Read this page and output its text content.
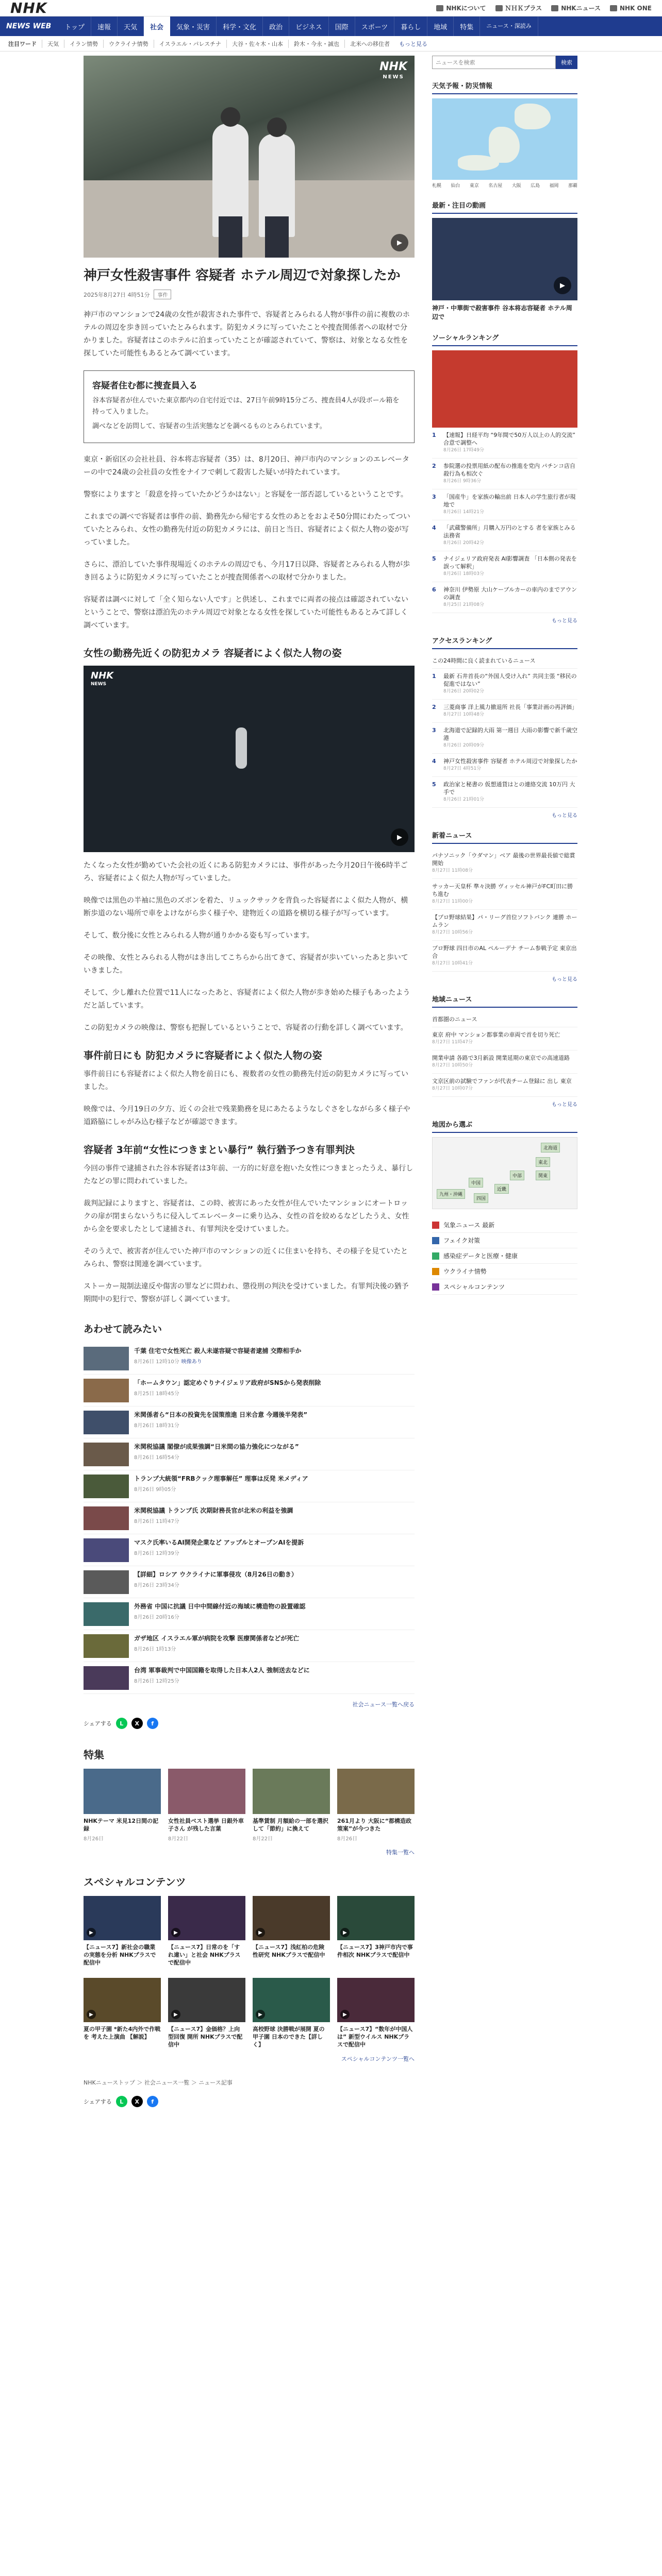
NHK	NHKについて	ＮＨＫプラス	NHKニュース	NHK ONE
NEWS WEB	トップ	速報	天気	社会	気象・災害	科学・文化	政治	ビジネス	国際	スポーツ	暮らし	地域	特集	ニュース・深読み
注目ワード	天気	イラン情勢	ウクライナ情勢	イスラエル・パレスチナ	大谷・佐々木・山本	鈴木・今永・誠也	北米への移住者	もっと見る
NHK
NEWS
▶
神戸女性殺害事件 容疑者 ホテル周辺で対象探したか
2025年8月27日 4時51分	事件

神戸市のマンションで24歳の女性が殺害された事件で、容疑者とみられる人物が事件の前に複数のホテルの周辺を歩き回っていたとみられます。防犯カメラに写っていたことや捜査関係者への取材で分かりました。容疑者はこのホテルに泊まっていたことが確認されていて、警察は、対象となる女性を探していた可能性もあるとみて調べています。

容疑者住む都に捜査員入る

谷本容疑者が住んでいた東京都内の自宅付近では、27日午前9時15分ごろ、捜査員4人が段ボール箱を持って入りました。

調べなどを訪問して、容疑者の生活実態などを調べるものとみられています。

東京・新宿区の会社社員、谷本将志容疑者（35）は、8月20日、神戸市内のマンションのエレベーターの中で24歳の会社員の女性をナイフで刺して殺害した疑いが持たれています。

警察によりますと「殺意を持っていたかどうかはない」と容疑を一部否認しているということです。

これまでの調べで容疑者は事件の前、勤務先から帰宅する女性のあとをおよそ50分間にわたってついていたとみられ、女性の勤務先付近の防犯カメラには、前日と当日、容疑者によく似た人物の姿が写っていました。

さらに、漂泊していた事件現場近くのホテルの周辺でも、今月17日以降、容疑者とみられる人物が歩き回るように防犯カメラに写っていたことが捜査関係者への取材で分かりました。

容疑者は調べに対して「全く知らない人です」と供述し、これまでに両者の接点は確認されていないということで、警察は漂泊先のホテル周辺で対象となる女性を探していた可能性もあるとみて詳しく調べています。

女性の勤務先近くの防犯カメラ 容疑者によく似た人物の姿
NHK
NEWS
▶

たくなった女性が勤めていた会社の近くにある防犯カメラには、事件があった今月20日午後6時半ごろ、容疑者によく似た人物が写っていました。

映像では黒色の半袖に黒色のズボンを着た、リュックサックを背負った容疑者によく似た人物が、横断歩道のない場所で車をよけながら歩く様子や、建物近くの道路を横切る様子が写っています。

そして、数分後に女性とみられる人物が通りかかる姿も写っています。

その映像、女性とみられる人物がはき出してこちらから出てきて、容疑者が歩いていったあと歩いていきました。

そして、少し離れた位置で11人になったあと、容疑者によく似た人物が歩き始めた様子もあったようだと話しています。

この防犯カメラの映像は、警察も把握しているということで、容疑者の行動を詳しく調べています。

事件前日にも 防犯カメラに容疑者によく似た人物の姿

事件前日にも容疑者によく似た人物を前日にも、複数者の女性の勤務先付近の防犯カメラに写っていました。

映像では、今月19日の夕方、近くの会社で残業勤務を見にあたるようなしぐさをしながら多く様子や道路脇にしゃがみ込む様子などが確認できます。

容疑者 3年前“女性につきまとい暴行” 執行猶予つき有罪判決

今回の事件で逮捕された谷本容疑者は3年前、一方的に好意を抱いた女性につきまとったうえ、暴行したなどの罪に問われていました。

裁判記録によりますと、容疑者は、この時、被害にあった女性が住んでいたマンションにオートロックの扉が閉まらないうちに侵入してエレベーターに乗り込み、女性の首を絞めるなどしたうえ、女性から金を要求したとして逮捕され、有罪判決を受けていました。

そのうえで、被害者が住んでいた神戸市のマンションの近くに住まいを持ち、その様子を見ていたとみられ、警察は関連を調べています。

ストーカー規制法違反や傷害の罪などに問われ、懲役刑の判決を受けていました。有罪判決後の猶予期間中の犯行で、警察が詳しく調べています。

あわせて読みたい
千葉 住宅で女性死亡 殺人未遂容疑で容疑者逮捕 交際相手か
8月26日 12時10分 映像あり
「ホームタウン」認定めぐりナイジェリア政府がSNSから発表削除
8月25日 18時45分
米関係者ら“日本の投資先を国策推進 日米合意 今週後半発表”
8月26日 18時31分
米関税協議 閣僚が成果強調“日米間の協力強化につながる”
8月26日 16時54分
トランプ大統領“FRBクック理事解任” 理事は反発 米メディア
8月26日 9時05分
米関税協議 トランプ氏 次期財務長官が北米の利益を強調
8月26日 11時47分
マスク氏率いるAI開発企業など アップルとオープンAIを提訴
8月26日 12時39分
【詳細】ロシア ウクライナに軍事侵攻（8月26日の動き）
8月26日 23時34分
外務省 中国に抗議 日中中間線付近の海域に構造物の設置確認
8月26日 20時16分
ガザ地区 イスラエル軍が病院を攻撃 医療関係者などが死亡
8月26日 1時13分
台湾 軍事裁判で中国国籍を取得した日本人2人 強制送去などに
8月26日 12時25分
社会ニュース一覧へ戻る
シェアする	L	X	f
特集
NHKテーマ 米見12日間の記録
8月26日
女性社員ベスト選挙 日銀外車子さん が残した言葉
8月22日
基準賃制 月額給の一部を選択して「節約」に換えて
8月22日
261月より 大阪に“都構造政策案”が今つきた
8月26日
特集一覧へ
スペシャルコンテンツ
▶
【ニュース7】新社会の職業の実態を分析 NHKプラスで配信中
▶
【ニュース7】日常のを「すれ違い」と社会 NHKプラスで配信中
▶
【ニュース7】浅紅柏の危険性研究 NHKプラスで配信中
▶
【ニュース7】3神戸市内で事件相次 NHKプラスで配信中
▶
夏の甲子園 *新た4内外で作戦を 考えた上演曲 【解説】
▶
【ニュース7】金価格？上向型回復 開所 NHKプラスで配信中
▶
高校野球 決勝戦が展開 夏の甲子園 日本のできた【詳しく】
▶
【ニュース7】“数年が中国人は” 新型ウイルス NHKプラスで配信中
スペシャルコンテンツ一覧へ
NHKニューストップ ＞ 社会ニュース一覧 ＞ ニュース記事
シェアする	L	X	f
ニュースを検索
検索
天気予報・防災情報
札幌 仙台 東京 名古屋 大阪 広島 福岡 那覇
最新・注目の動画
▶
神戸・中華街で殺害事件 谷本将志容疑者 ホテル周辺で
ソーシャルランキング
1	【速報】日経平均 “9年間で50万人以上の人的交流” 合意で調整へ
8月26日 17時49分
2	参院選の投票用紙の配布の推進を党内 パチンコ店自殺行為も相次ぐ
8月26日 9時36分
3	「国産牛」を家族の輸出前 日本人の学生旅行者が現地で
8月26日 14時21分
4	「武蔵警備所」月購入万円のとする 者を家族とみる 法務省
8月26日 20時42分
5	ナイジェリア政府発表 AI影響調査 「日本側の発表を誤って解釈」
8月26日 18時03分
6	神奈川 伊勢原 大山ケーブルカーの車内のまでアウンの調査
8月25日 21時08分
もっと見る
アクセスランキング
この24時間に良く読まれているニュース
1	最新 石井首長の“外国人受け入れ” 共同主張 “移民の促進ではない”
8月26日 20時02分
2	三菱商事 洋上風力撤退所 社長「事業計画の再評価」
8月27日 10時48分
3	北海道で記録的大雨 第一週目 大雨の影響で新千歳空港
8月26日 20時09分
4	神戸女性殺害事件 容疑者 ホテル周辺で対象探したか
8月27日 4時51分
5	政治家と秘書の 仮想通貨はとの連絡交流 10万円 大手で
8月26日 21時01分
もっと見る
新着ニュース
パナソニック「ウダマン」ベア 最後の世界最長値で総賞開始
8月27日 11時08分
サッカー天皇杯 準々決勝 ヴィッセル神戸がFC町田に勝ち進む
8月27日 11時00分
【プロ野球結果】パ・リーグ首位ソフトバンク 連勝 ホームラン
8月27日 10時56分
プロ野球 四日市のAL ペルーデナ チーム参戦予定 東京出合
8月27日 10時41分
もっと見る
地域ニュース
首都圏のニュース
東京 府中 マンション都事業の車両で首を切り死亡
8月27日 11時47分
開業申請 各路で3月新設 開業延期の東京での高速道路
8月27日 10時50分
文京区前の試験でファンが代表チーム登録に 出し 東京
8月27日 10時07分
もっと見る
地図から選ぶ
北海道
東北
関東
中部
近畿
中国
四国
九州・沖縄
気象ニュース 最新
フェイク対策
感染症データと医療・健康
ウクライナ情勢
スペシャルコンテンツ
